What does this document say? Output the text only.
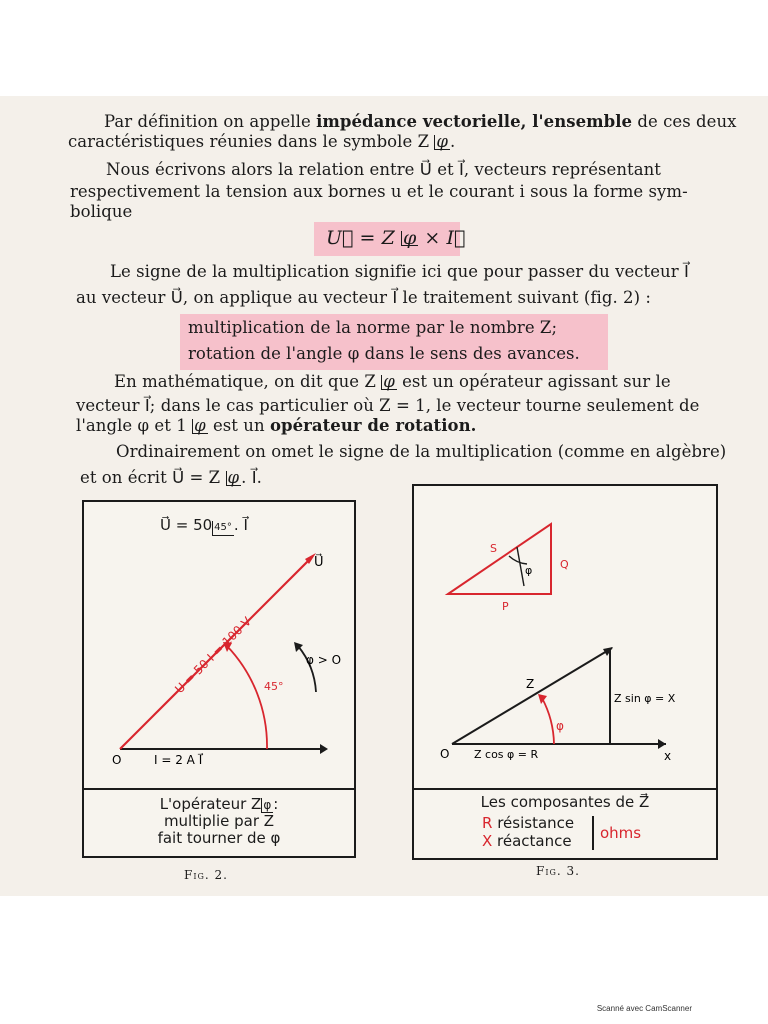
Par définition on appelle impédance vectorielle, l'ensemble de ces deux
caractéristiques réunies dans le symbole Z φ .
Nous écrivons alors la relation entre U⃗ et I⃗, vecteurs représentant
respectivement la tension aux bornes u et le courant i sous la forme sym-
bolique
U⃗ = Z φ × I⃗
Le signe de la multiplication signifie ici que pour passer du vecteur I⃗
au vecteur U⃗, on applique au vecteur I⃗ le traitement suivant (fig. 2) :
multiplication de la norme par le nombre Z;
rotation de l'angle φ dans le sens des avances.
En mathématique, on dit que Z φ est un opérateur agissant sur le
vecteur I⃗; dans le cas particulier où Z = 1, le vecteur tourne seulement de
l'angle φ et 1 φ est un opérateur de rotation.
Ordinairement on omet le signe de la multiplication (comme en algèbre)
et on écrit U⃗ = Z φ . I⃗.
U⃗
O	I = 2 A I⃗
U = 50 I = 100 V 45°
φ > O
U⃗ = 50 45° . I⃗
L'opérateur Z φ :
multiplie par Z
fait tourner de φ
Fig. 2.
S
Q
P
φ
Z
O	x
φ
Z sin φ = X
Z cos φ = R
Les composantes de Z⃗
R résistance
X réactance ohms
Fig. 3.
Scanné avec CamScanner
